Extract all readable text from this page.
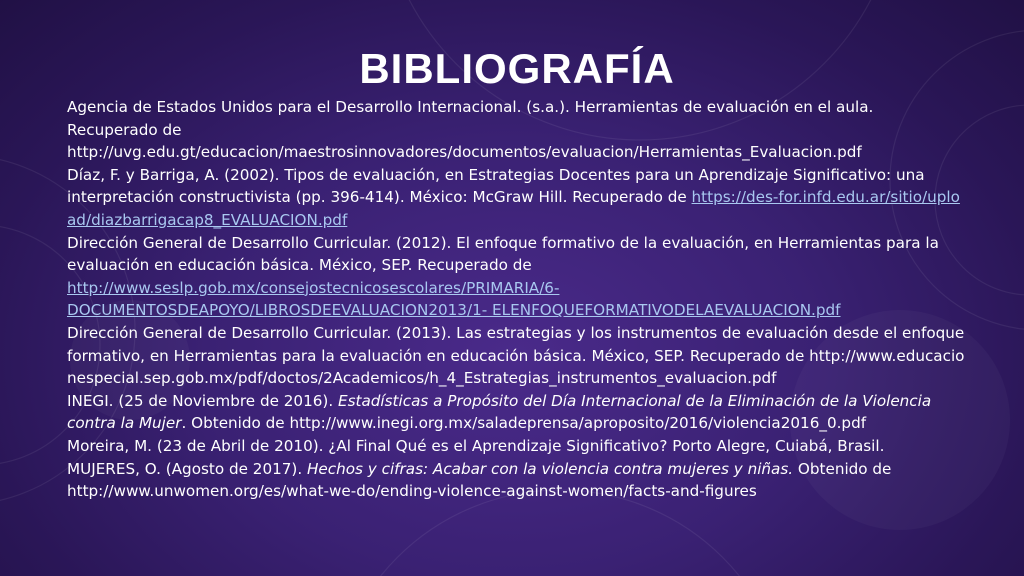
BIBLIOGRAFÍA

Agencia de Estados Unidos para el Desarrollo Internacional. (s.a.). Herramientas de evaluación en el aula.
Recuperado de
http://uvg.edu.gt/educacion/maestrosinnovadores/documentos/evaluacion/Herramientas_Evaluacion.pdf

Díaz, F. y Barriga, A. (2002). Tipos de evaluación, en Estrategias Docentes para un Aprendizaje Significativo: una interpretación constructivista (pp. 396-414). México: McGraw Hill. Recuperado de https://des-for.infd.edu.ar/sitio/upload/diazbarrigacap8_EVALUACION.pdf

Dirección General de Desarrollo Curricular. (2012). El enfoque formativo de la evaluación, en Herramientas para la evaluación en educación básica. México, SEP. Recuperado de
http://www.seslp.gob.mx/consejostecnicosescolares/PRIMARIA/6-
DOCUMENTOSDEAPOYO/LIBROSDEEVALUACION2013/1- ELENFOQUEFORMATIVODELAEVALUACION.pdf

Dirección General de Desarrollo Curricular. (2013). Las estrategias y los instrumentos de evaluación desde el enfoque formativo, en Herramientas para la evaluación en educación básica. México, SEP. Recuperado de http://www.educacionespecial.sep.gob.mx/pdf/doctos/2Academicos/h_4_Estrategias_instrumentos_evaluacion.pdf

INEGI. (25 de Noviembre de 2016). Estadísticas a Propósito del Día Internacional de la Eliminación de la Violencia contra la Mujer. Obtenido de http://www.inegi.org.mx/saladeprensa/aproposito/2016/violencia2016_0.pdf

Moreira, M. (23 de Abril de 2010). ¿Al Final Qué es el Aprendizaje Significativo? Porto Alegre, Cuiabá, Brasil.

MUJERES, O. (Agosto de 2017). Hechos y cifras: Acabar con la violencia contra mujeres y niñas. Obtenido de http://www.unwomen.org/es/what-we-do/ending-violence-against-women/facts-and-figures
